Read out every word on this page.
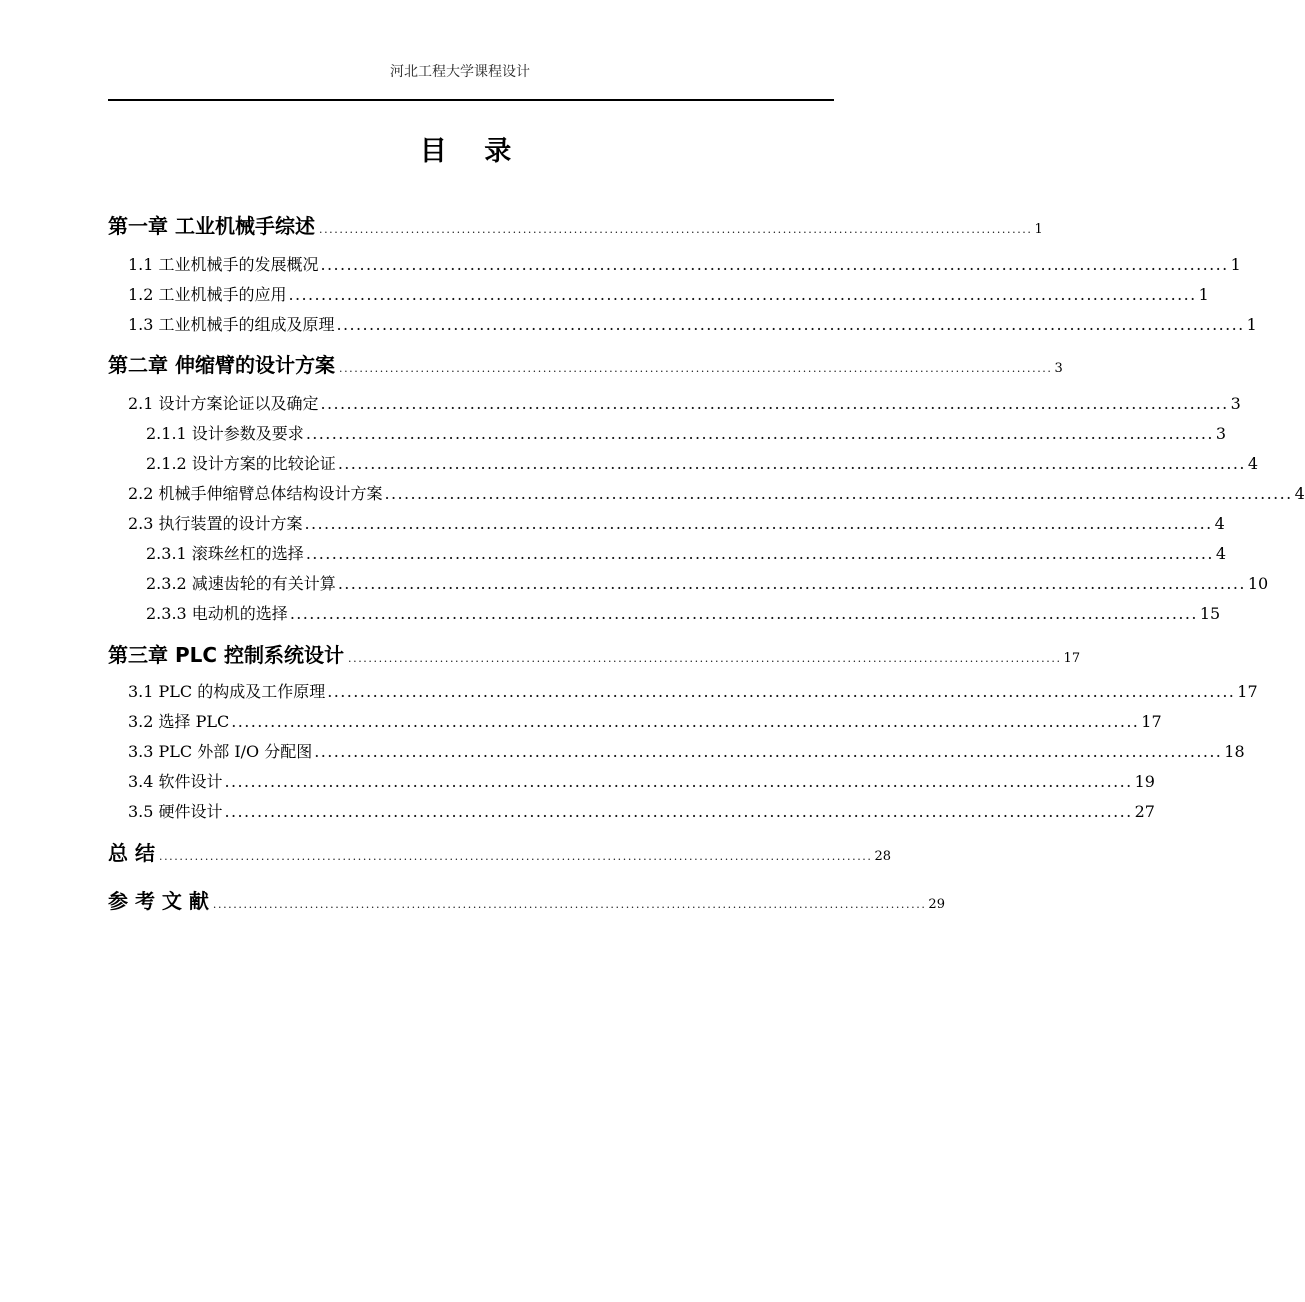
河北工程大学课程设计
目 录
第一章 工业机械手综述 ............................................................................................................................................ 1
1.1 工业机械手的发展概况 ............................................................................................................................................ 1
1.2 工业机械手的应用 ............................................................................................................................................ 1
1.3 工业机械手的组成及原理 ............................................................................................................................................ 1
第二章 伸缩臂的设计方案 ............................................................................................................................................ 3
2.1 设计方案论证以及确定 ............................................................................................................................................ 3
2.1.1 设计参数及要求 ............................................................................................................................................ 3
2.1.2 设计方案的比较论证 ............................................................................................................................................ 4
2.2 机械手伸缩臂总体结构设计方案 ............................................................................................................................................ 4
2.3 执行装置的设计方案 ............................................................................................................................................ 4
2.3.1 滚珠丝杠的选择 ............................................................................................................................................ 4
2.3.2 减速齿轮的有关计算 ............................................................................................................................................ 10
2.3.3 电动机的选择 ............................................................................................................................................ 15
第三章 PLC 控制系统设计 ............................................................................................................................................ 17
3.1 PLC 的构成及工作原理 ............................................................................................................................................ 17
3.2 选择 PLC ............................................................................................................................................ 17
3.3 PLC 外部 I/O 分配图 ............................................................................................................................................ 18
3.4 软件设计 ............................................................................................................................................ 19
3.5 硬件设计 ............................................................................................................................................ 27
总 结 ............................................................................................................................................ 28
参 考 文 献 ............................................................................................................................................ 29
